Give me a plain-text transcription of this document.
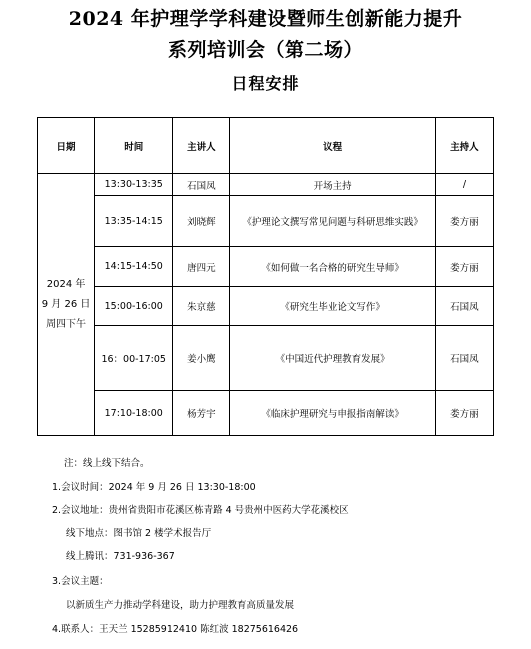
2024 年护理学学科建设暨师生创新能力提升
系列培训会（第二场）
日程安排
日期	时间	主讲人	议程	主持人

2024 年
9 月 26 日
周四下午	13:30-13:35	石国凤	开场主持	/
	13:35-14:15	刘晓辉	《护理论文撰写常见问题与科研思维实践》	娄方丽
	14:15-14:50	唐四元	《如何做一名合格的研究生导师》	娄方丽
	15:00-16:00	朱京慈	《研究生毕业论文写作》	石国凤
	16：00-17:05	姜小鹰	《中国近代护理教育发展》	石国凤
	17:10-18:00	杨芳宇	《临床护理研究与申报指南解读》	娄方丽
注：线上线下结合。
1.会议时间：2024 年 9 月 26 日 13:30-18:00
2.会议地址：贵州省贵阳市花溪区栋青路 4 号贵州中医药大学花溪校区
线下地点：图书馆 2 楼学术报告厅
线上腾讯：731-936-367
3.会议主题：
以新质生产力推动学科建设，助力护理教育高质量发展
4.联系人：王天兰 15285912410 陈红波 18275616426
